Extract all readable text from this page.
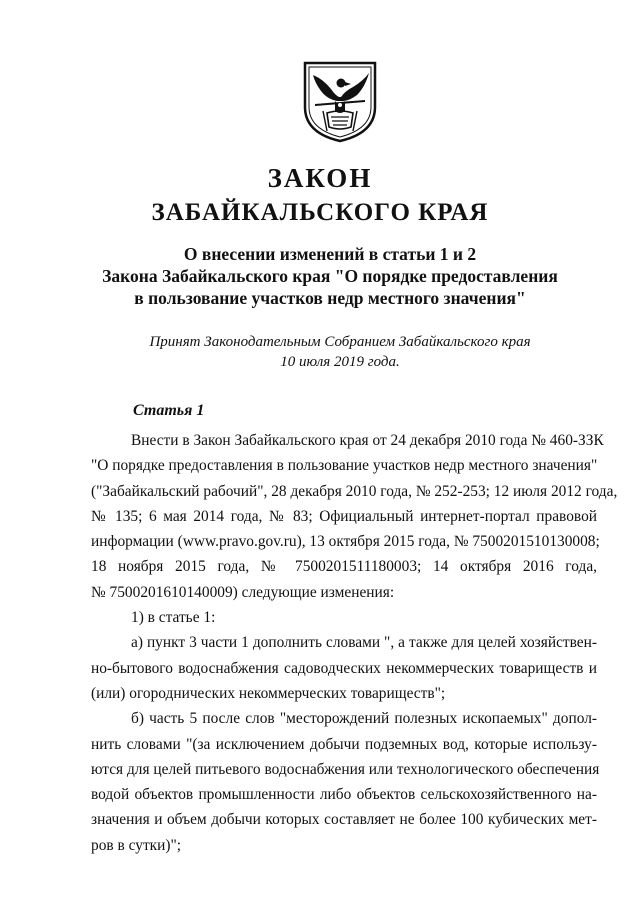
ЗАКОН
ЗАБАЙКАЛЬСКОГО КРАЯ
О внесении изменений в статьи 1 и 2
Закона Забайкальского края "О порядке предоставления
в пользование участков недр местного значения"
Принят Законодательным Собранием Забайкальского края
10 июля 2019 года.
Статья 1
Внести в Закон Забайкальского края от 24 декабря 2010 года № 460-ЗЗК
"О порядке предоставления в пользование участков недр местного значения"
("Забайкальский рабочий", 28 декабря 2010 года, № 252-253; 12 июля 2012 года,
№ 135; 6 мая 2014 года, № 83; Официальный интернет-портал правовой
информации (www.pravo.gov.ru), 13 октября 2015 года, № 7500201510130008;
18 ноября 2015 года, № 7500201511180003; 14 октября 2016 года,
№ 7500201610140009) следующие изменения:
1) в статье 1:
а) пункт 3 части 1 дополнить словами ", а также для целей хозяйствен-
но-бытового водоснабжения садоводческих некоммерческих товариществ и
(или) огороднических некоммерческих товариществ";
б) часть 5 после слов "месторождений полезных ископаемых" допол-
нить словами "(за исключением добычи подземных вод, которые использу-
ются для целей питьевого водоснабжения или технологического обеспечения
водой объектов промышленности либо объектов сельскохозяйственного на-
значения и объем добычи которых составляет не более 100 кубических мет-
ров в сутки)";
